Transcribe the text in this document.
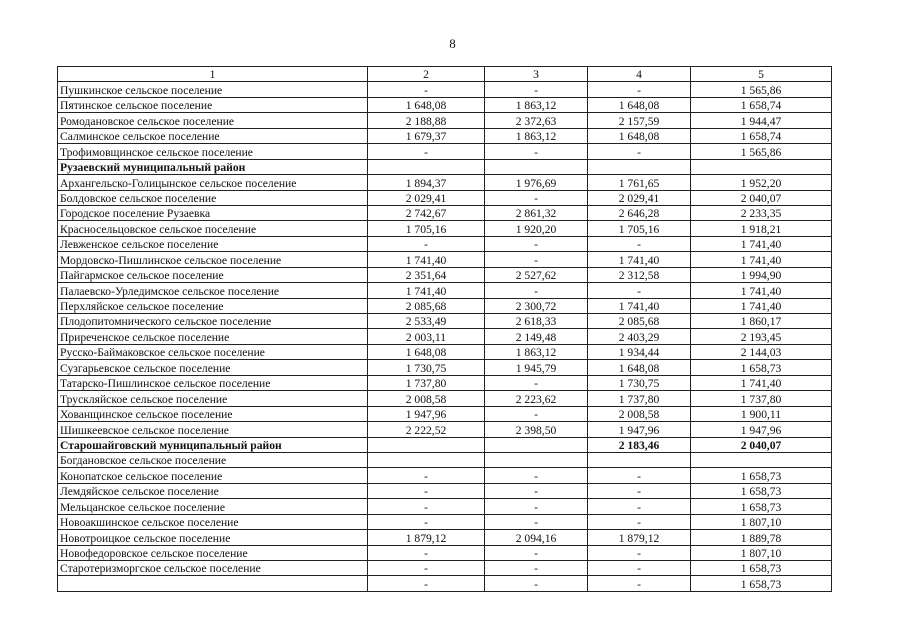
8
1	2	3	4	5
Пушкинское сельское поселение	-	-	-	1 565,86
Пятинское сельское поселение	1 648,08	1 863,12	1 648,08	1 658,74
Ромодановское сельское поселение	2 188,88	2 372,63	2 157,59	1 944,47
Салминское сельское поселение	1 679,37	1 863,12	1 648,08	1 658,74
Трофимовщинское сельское поселение	-	-	-	1 565,86
Рузаевский муниципальный район				
Архангельско-Голицынское сельское поселение	1 894,37	1 976,69	1 761,65	1 952,20
Болдовское сельское поселение	2 029,41	-	2 029,41	2 040,07
Городское поселение Рузаевка	2 742,67	2 861,32	2 646,28	2 233,35
Красносельцовское сельское поселение	1 705,16	1 920,20	1 705,16	1 918,21
Левженское сельское поселение	-	-	-	1 741,40
Мордовско-Пишлинское сельское поселение	1 741,40	-	1 741,40	1 741,40
Пайгармское сельское поселение	2 351,64	2 527,62	2 312,58	1 994,90
Палаевско-Урледимское сельское поселение	1 741,40	-	-	1 741,40
Перхляйское сельское поселение	2 085,68	2 300,72	1 741,40	1 741,40
Плодопитомнического сельское поселение	2 533,49	2 618,33	2 085,68	1 860,17
Приреченское сельское поселение	2 003,11	2 149,48	2 403,29	2 193,45
Русско-Баймаковское сельское поселение	1 648,08	1 863,12	1 934,44	2 144,03
Сузгарьевское сельское поселение	1 730,75	1 945,79	1 648,08	1 658,73
Татарско-Пишлинское сельское поселение	1 737,80	-	1 730,75	1 741,40
Трускляйское сельское поселение	2 008,58	2 223,62	1 737,80	1 737,80
Хованщинское сельское поселение	1 947,96	-	2 008,58	1 900,11
Шишкеевское сельское поселение	2 222,52	2 398,50	1 947,96	1 947,96
Старошайговский муниципальный район			2 183,46	2 040,07
Богдановское сельское поселение				
Конопатское сельское поселение	-	-	-	1 658,73
Лемдяйское сельское поселение	-	-	-	1 658,73
Мельцанское сельское поселение	-	-	-	1 658,73
Новоакшинское сельское поселение	-	-	-	1 807,10
Новотроицкое сельское поселение	1 879,12	2 094,16	1 879,12	1 889,78
Новофедоровское сельское поселение	-	-	-	1 807,10
Старотеризморгское сельское поселение	-	-	-	1 658,73
	-	-	-	1 658,73
